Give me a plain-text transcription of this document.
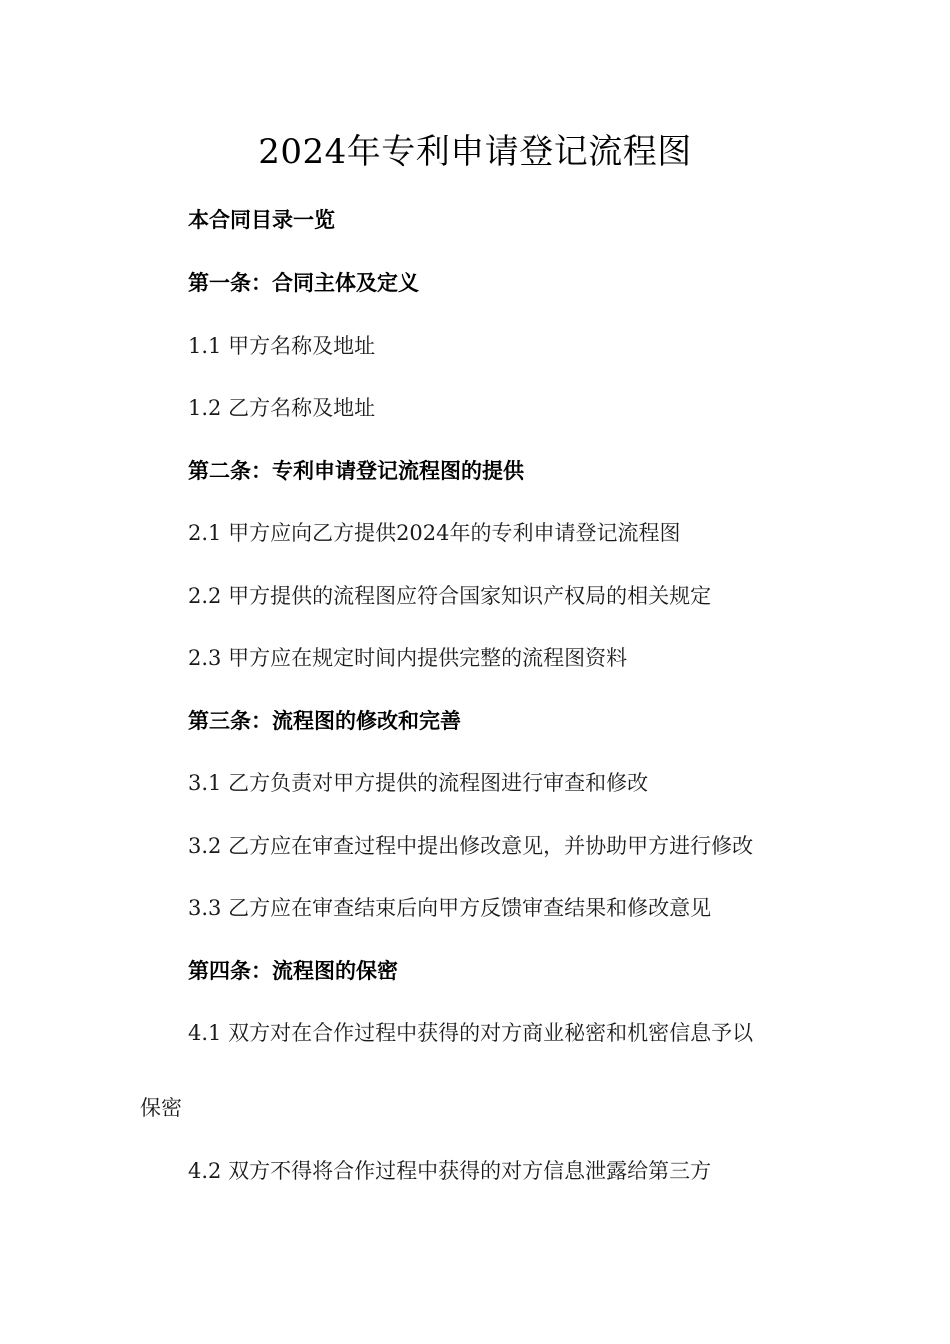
2024年专利申请登记流程图
本合同目录一览
第一条：合同主体及定义
1.1 甲方名称及地址
1.2 乙方名称及地址
第二条：专利申请登记流程图的提供
2.1 甲方应向乙方提供2024年的专利申请登记流程图
2.2 甲方提供的流程图应符合国家知识产权局的相关规定
2.3 甲方应在规定时间内提供完整的流程图资料
第三条：流程图的修改和完善
3.1 乙方负责对甲方提供的流程图进行审查和修改
3.2 乙方应在审查过程中提出修改意见，并协助甲方进行修改
3.3 乙方应在审查结束后向甲方反馈审查结果和修改意见
第四条：流程图的保密
4.1 双方对在合作过程中获得的对方商业秘密和机密信息予以
保密
4.2 双方不得将合作过程中获得的对方信息泄露给第三方
